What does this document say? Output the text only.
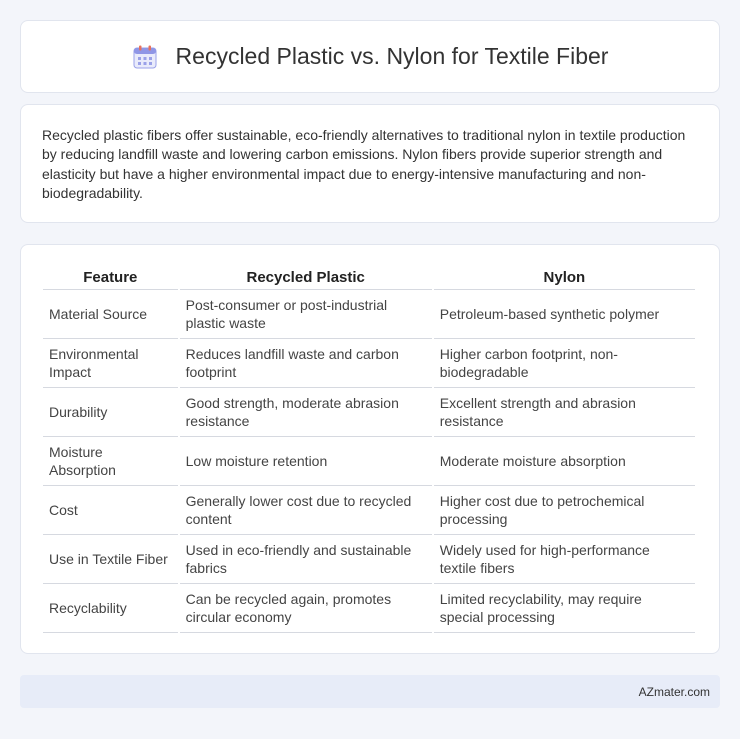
Recycled Plastic vs. Nylon for Textile Fiber

Recycled plastic fibers offer sustainable, eco-friendly alternatives to traditional nylon in textile production by reducing landfill waste and lowering carbon emissions. Nylon fibers provide superior strength and elasticity but have a higher environmental impact due to energy-intensive manufacturing and non-biodegradability.

Feature	Recycled Plastic	Nylon
Material Source	Post-consumer or post-industrial plastic waste	Petroleum-based synthetic polymer
Environmental Impact	Reduces landfill waste and carbon footprint	Higher carbon footprint, non-biodegradable
Durability	Good strength, moderate abrasion resistance	Excellent strength and abrasion resistance
Moisture Absorption	Low moisture retention	Moderate moisture absorption
Cost	Generally lower cost due to recycled content	Higher cost due to petrochemical processing
Use in Textile Fiber	Used in eco-friendly and sustainable fabrics	Widely used for high-performance textile fibers
Recyclability	Can be recycled again, promotes circular economy	Limited recyclability, may require special processing
AZmater.com
